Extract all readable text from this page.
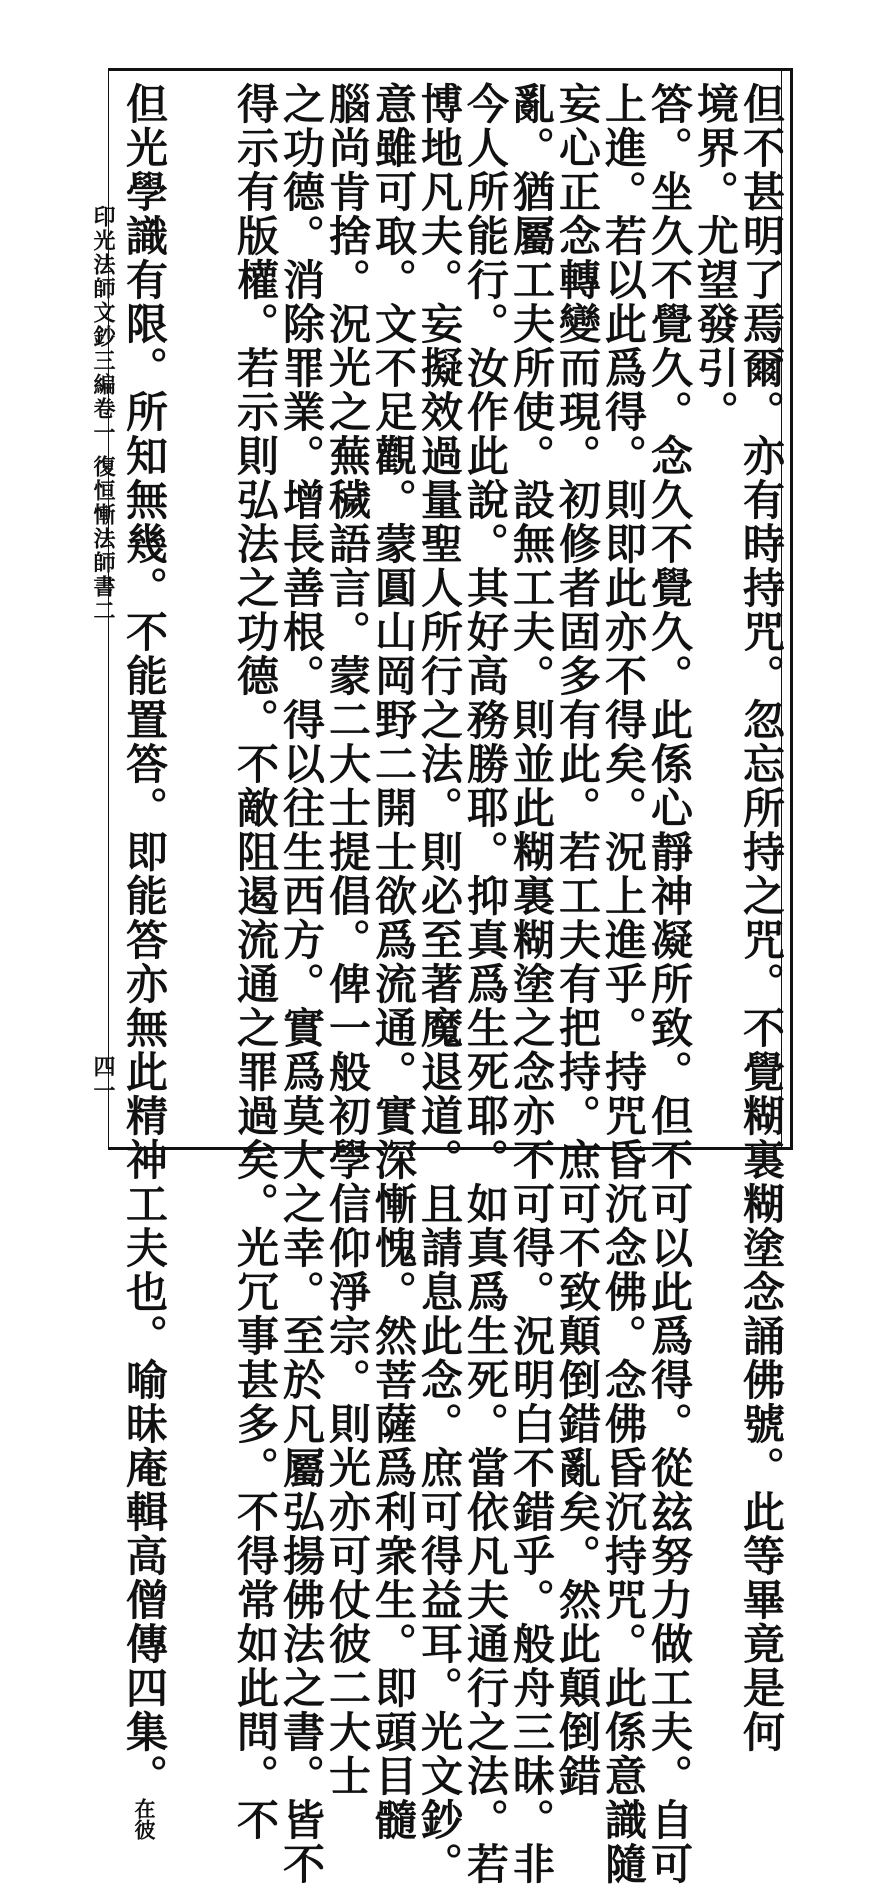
但不甚明了焉爾。亦有時持咒。忽忘所持之咒。不覺糊裏糊塗念誦佛號。此等畢竟是何
境界。尤望發引。
答。坐久不覺久。念久不覺久。此係心靜神凝所致。但不可以此爲得。從玆努力做工夫。自可
上進。若以此爲得。則即此亦不得矣。況上進乎。持咒昏沉念佛。念佛昏沉持咒。此係意識隨
妄心正念轉變而現。初修者固多有此。若工夫有把持。庶可不致顛倒錯亂矣。然此顛倒錯
亂。猶屬工夫所使。設無工夫。則並此糊裏糊塗之念亦不可得。況明白不錯乎。般舟三昧。非
今人所能行。汝作此說。其好高務勝耶。抑真爲生死耶。如真爲生死。當依凡夫通行之法。若
博地凡夫。妄擬效過量聖人所行之法。則必至著魔退道。且請息此念。庶可得益耳。光文鈔。
意雖可取。文不足觀。蒙圓山岡野二開士欲爲流通。實深慚愧。然菩薩爲利衆生。即頭目髓
腦尚肯捨。況光之蕪穢語言。蒙二大士提倡。俾一般初學信仰淨宗。則光亦可仗彼二大士
之功德。消除罪業。增長善根。得以往生西方。實爲莫大之幸。至於凡屬弘揚佛法之書。皆不
得示有版權。若示則弘法之功德。不敵阻遏流通之罪過矣。光冗事甚多。不得常如此問。不
但光學識有限。所知無幾。不能置答。即能答亦無此精神工夫也。喻昧庵輯高僧傳四集。在彼
印光法師文鈔三編卷一
復恒慚法師書二
四一
